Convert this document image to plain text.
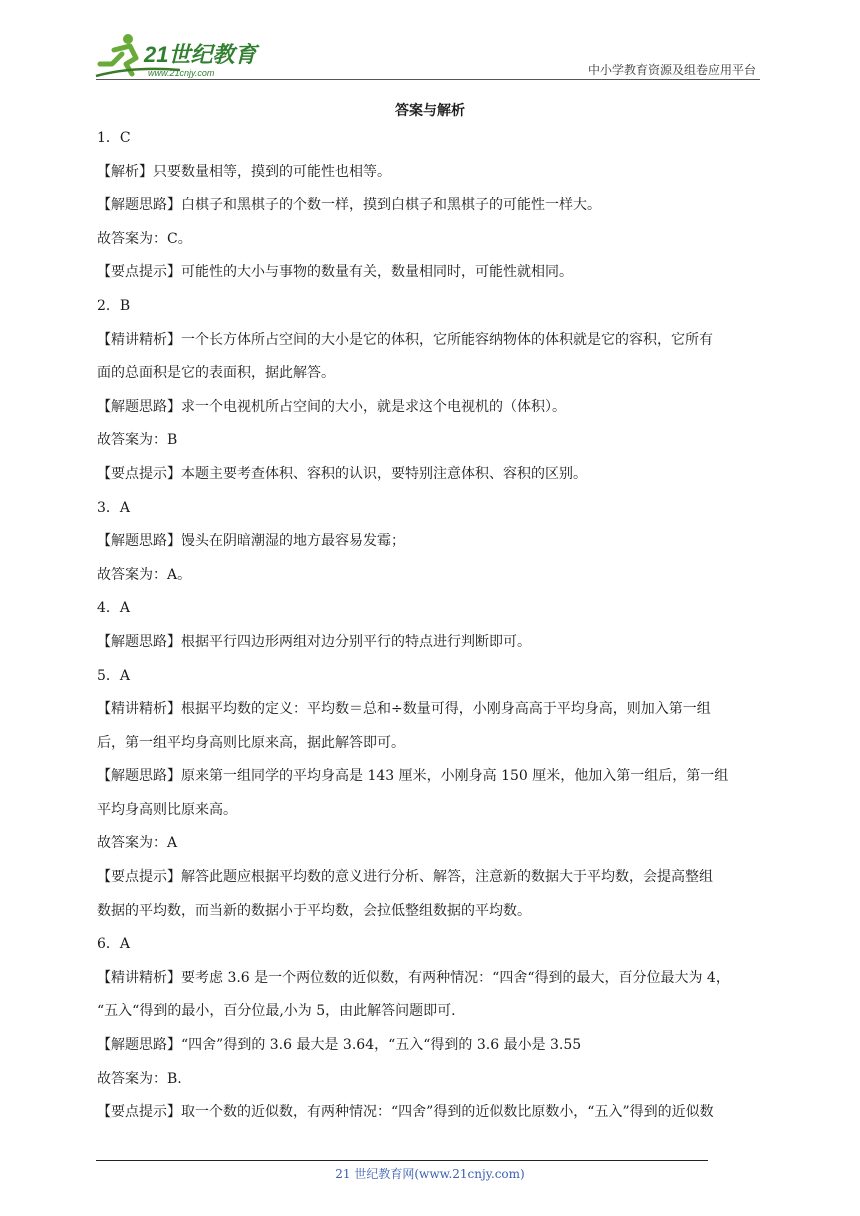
21世纪教育
www.21cnjy.com	中小学教育资源及组卷应用平台
答案与解析

1．C

【解析】只要数量相等，摸到的可能性也相等。

【解题思路】白棋子和黑棋子的个数一样，摸到白棋子和黑棋子的可能性一样大。

故答案为：C。

【要点提示】可能性的大小与事物的数量有关，数量相同时，可能性就相同。

2．B

【精讲精析】一个长方体所占空间的大小是它的体积，它所能容纳物体的体积就是它的容积，它所有

面的总面积是它的表面积，据此解答。

【解题思路】求一个电视机所占空间的大小，就是求这个电视机的（体积）。

故答案为：B

【要点提示】本题主要考查体积、容积的认识，要特别注意体积、容积的区别。

3．A

【解题思路】馒头在阴暗潮湿的地方最容易发霉；

故答案为：A。

4．A

【解题思路】根据平行四边形两组对边分别平行的特点进行判断即可。

5．A

【精讲精析】根据平均数的定义：平均数＝总和÷数量可得，小刚身高高于平均身高，则加入第一组

后，第一组平均身高则比原来高，据此解答即可。

【解题思路】原来第一组同学的平均身高是 143 厘米，小刚身高 150 厘米，他加入第一组后，第一组

平均身高则比原来高。

故答案为：A

【要点提示】解答此题应根据平均数的意义进行分析、解答，注意新的数据大于平均数，会提高整组

数据的平均数，而当新的数据小于平均数，会拉低整组数据的平均数。

6．A

【精讲精析】要考虑 3.6 是一个两位数的近似数，有两种情况：“四舍“得到的最大，百分位最大为 4，

“五入“得到的最小，百分位最,小为 5，由此解答问题即可.

【解题思路】“四舍”得到的 3.6 最大是 3.64，“五入“得到的 3.6 最小是 3.55

故答案为：B.

【要点提示】取一个数的近似数，有两种情况：“四舍”得到的近似数比原数小，“五入”得到的近似数

21 世纪教育网(www.21cnjy.com)
